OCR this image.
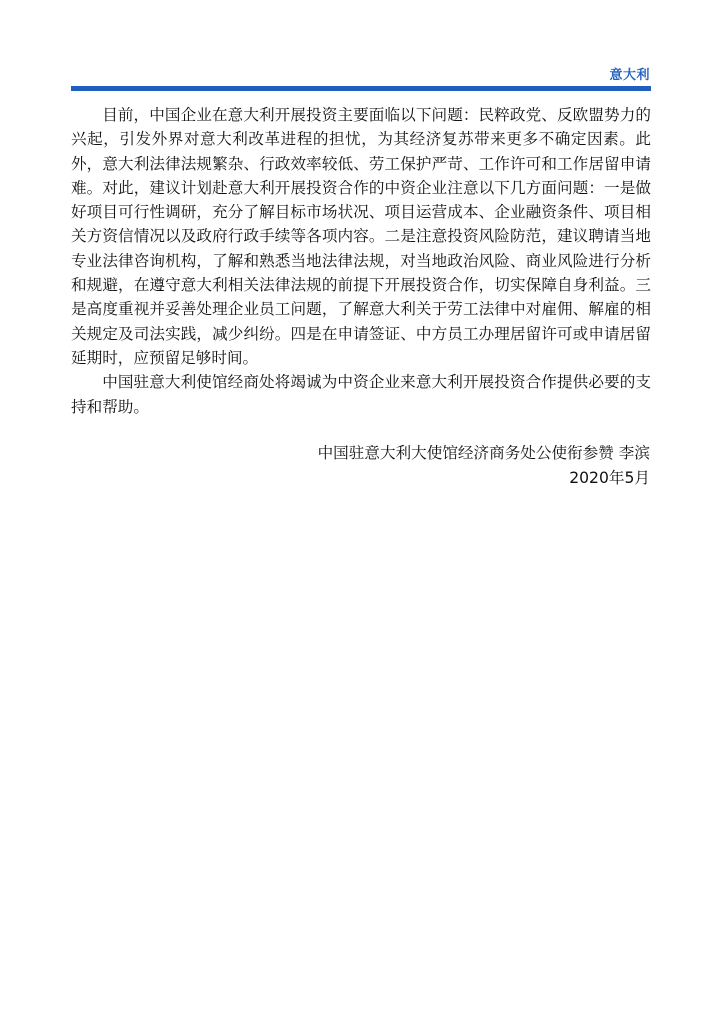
意大利

目前，中国企业在意大利开展投资主要面临以下问题：民粹政党、反欧盟势力的兴起，引发外界对意大利改革进程的担忧，为其经济复苏带来更多不确定因素。此外，意大利法律法规繁杂、行政效率较低、劳工保护严苛、工作许可和工作居留申请难。对此，建议计划赴意大利开展投资合作的中资企业注意以下几方面问题：一是做好项目可行性调研，充分了解目标市场状况、项目运营成本、企业融资条件、项目相关方资信情况以及政府行政手续等各项内容。二是注意投资风险防范，建议聘请当地专业法律咨询机构，了解和熟悉当地法律法规，对当地政治风险、商业风险进行分析和规避，在遵守意大利相关法律法规的前提下开展投资合作，切实保障自身利益。三是高度重视并妥善处理企业员工问题，了解意大利关于劳工法律中对雇佣、解雇的相关规定及司法实践，减少纠纷。四是在申请签证、中方员工办理居留许可或申请居留延期时，应预留足够时间。

中国驻意大利使馆经商处将竭诚为中资企业来意大利开展投资合作提供必要的支持和帮助。

中国驻意大利大使馆经济商务处公使衔参赞 李滨
2020年5月
